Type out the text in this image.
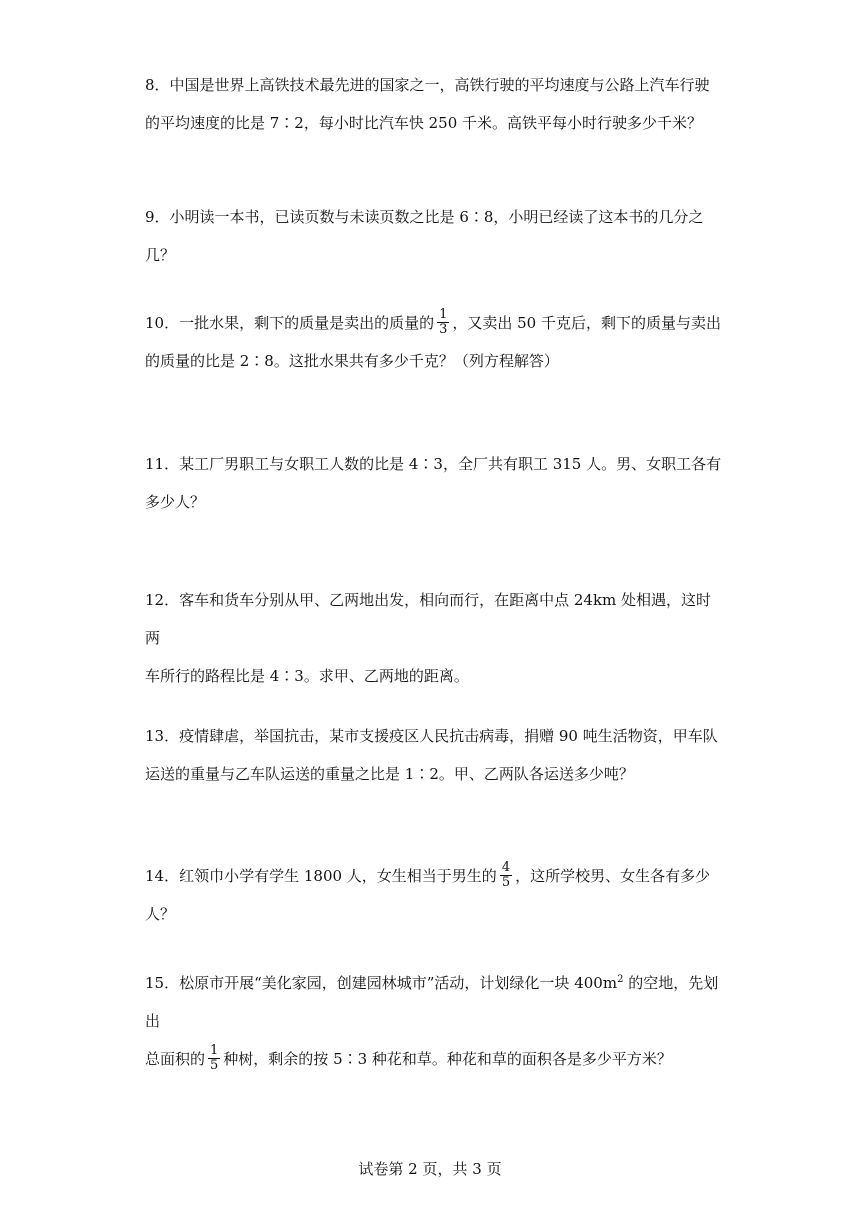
8．中国是世界上高铁技术最先进的国家之一，高铁行驶的平均速度与公路上汽车行驶
的平均速度的比是 7∶2，每小时比汽车快 250 千米。高铁平每小时行驶多少千米？
9．小明读一本书，已读页数与未读页数之比是 6∶8，小明已经读了这本书的几分之几？
10．一批水果，剩下的质量是卖出的质量的 $\frac{1}{3}$ ，又卖出 50 千克后，剩下的质量与卖出
的质量的比是 2∶8。这批水果共有多少千克？（列方程解答）
11．某工厂男职工与女职工人数的比是 4∶3，全厂共有职工 315 人。男、女职工各有
多少人？
12．客车和货车分别从甲、乙两地出发，相向而行，在距离中点 24km 处相遇，这时两
车所行的路程比是 4∶3。求甲、乙两地的距离。
13．疫情肆虐，举国抗击，某市支援疫区人民抗击病毒，捐赠 90 吨生活物资，甲车队
运送的重量与乙车队运送的重量之比是 1∶2。甲、乙两队各运送多少吨？
14．红领巾小学有学生 1800 人，女生相当于男生的 $\frac{4}{5}$ ，这所学校男、女生各有多少人？
15．松原市开展“美化家园，创建园林城市”活动，计划绿化一块 $400m^2$ 的空地，先划出
总面积的 $\frac{1}{5}$ 种树，剩余的按 5∶3 种花和草。种花和草的面积各是多少平方米？
试卷第 2 页，共 3 页
